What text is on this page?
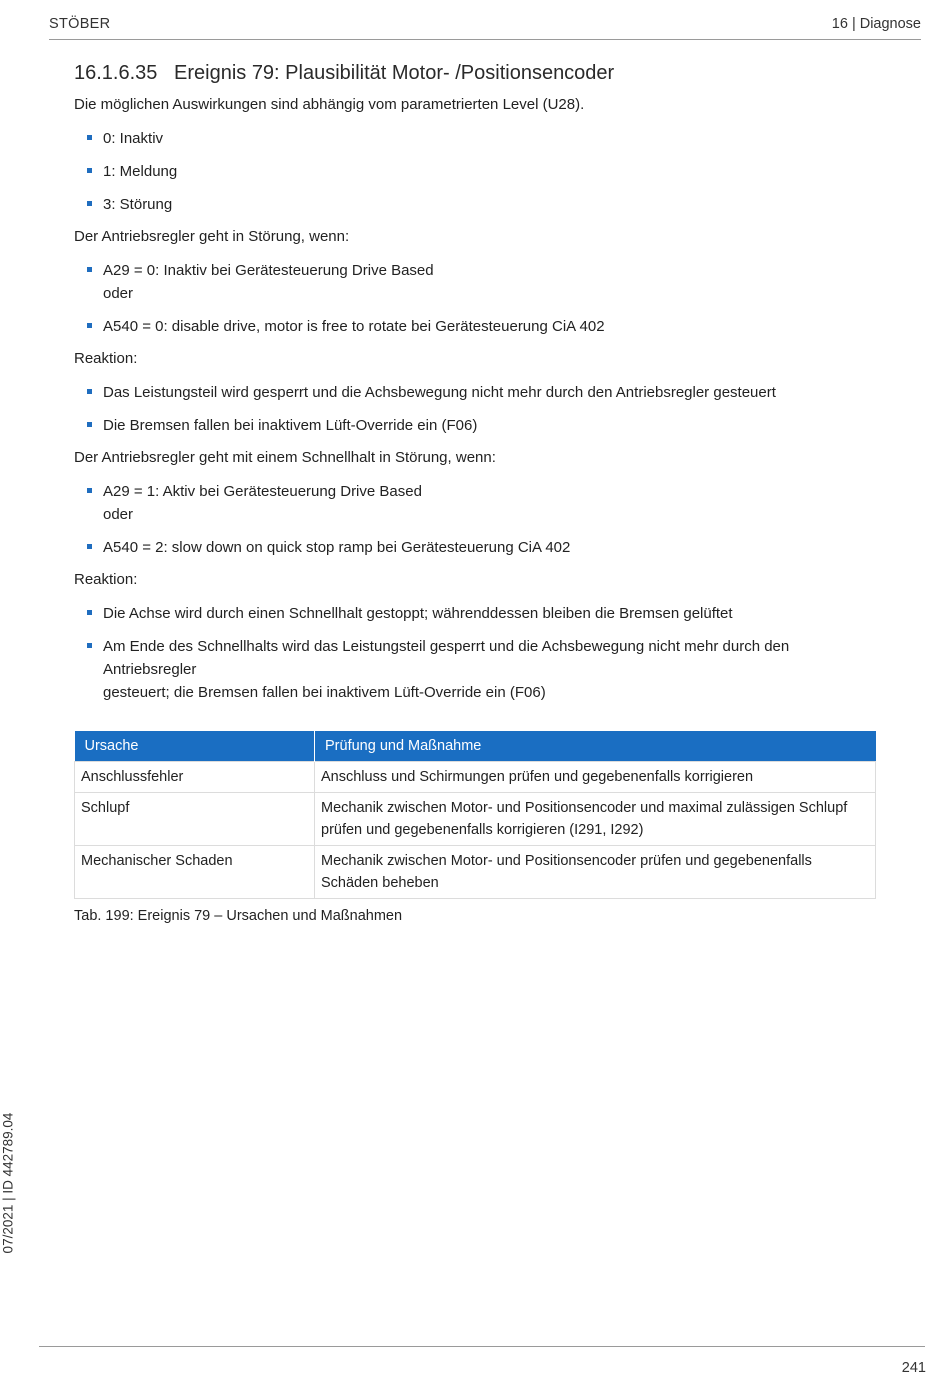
STÖBER	16 | Diagnose
16.1.6.35 Ereignis 79: Plausibilität Motor- /Positionsencoder

Die möglichen Auswirkungen sind abhängig vom parametrierten Level (U28).

0: Inaktiv
1: Meldung
3: Störung

Der Antriebsregler geht in Störung, wenn:

A29 = 0: Inaktiv bei Gerätesteuerung Drive Based
oder
A540 = 0: disable drive, motor is free to rotate bei Gerätesteuerung CiA 402

Reaktion:

Das Leistungsteil wird gesperrt und die Achsbewegung nicht mehr durch den Antriebsregler gesteuert
Die Bremsen fallen bei inaktivem Lüft-Override ein (F06)

Der Antriebsregler geht mit einem Schnellhalt in Störung, wenn:

A29 = 1: Aktiv bei Gerätesteuerung Drive Based
oder
A540 = 2: slow down on quick stop ramp bei Gerätesteuerung CiA 402

Reaktion:

Die Achse wird durch einen Schnellhalt gestoppt; währenddessen bleiben die Bremsen gelüftet
Am Ende des Schnellhalts wird das Leistungsteil gesperrt und die Achsbewegung nicht mehr durch den Antriebsregler
gesteuert; die Bremsen fallen bei inaktivem Lüft-Override ein (F06)
Ursache	Prüfung und Maßnahme
Anschlussfehler	Anschluss und Schirmungen prüfen und gegebenenfalls korrigieren
Schlupf	Mechanik zwischen Motor- und Positionsencoder und maximal zulässigen Schlupf
prüfen und gegebenenfalls korrigieren (I291, I292)
Mechanischer Schaden	Mechanik zwischen Motor- und Positionsencoder prüfen und gegebenenfalls
Schäden beheben
Tab. 199: Ereignis 79 – Ursachen und Maßnahmen
07/2021 | ID 442789.04
241
